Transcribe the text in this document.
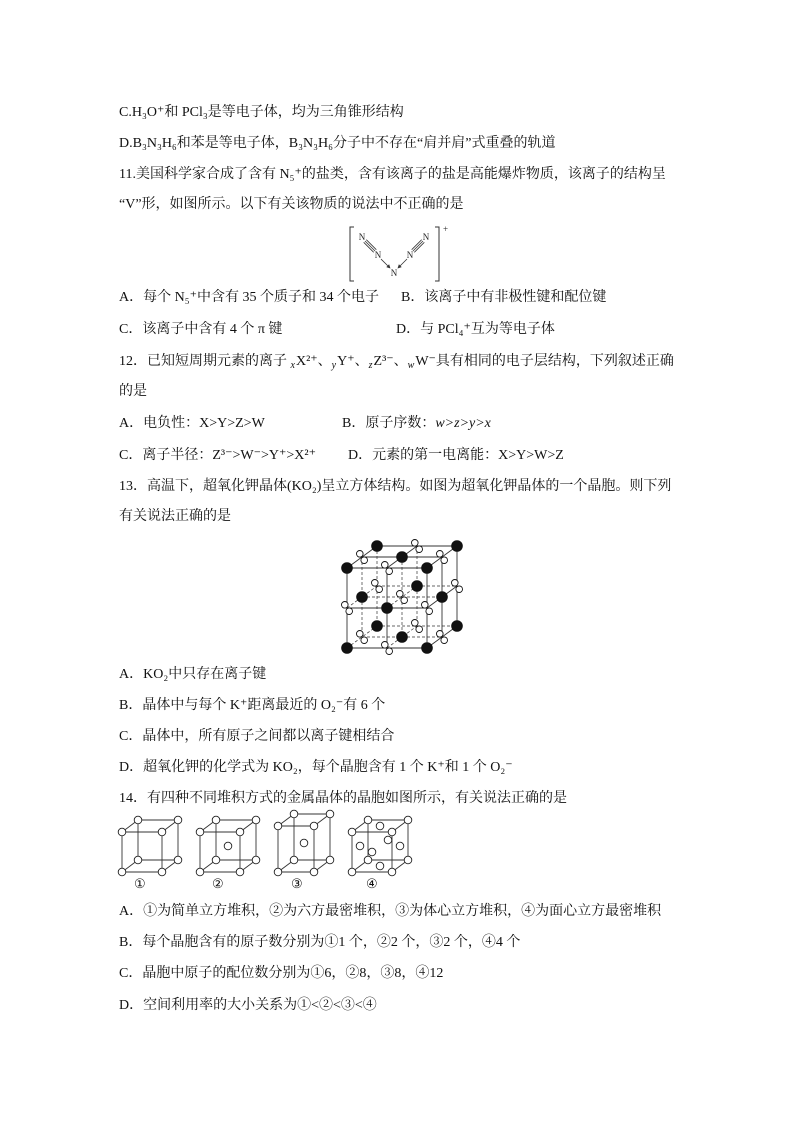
C.H₃O⁺和 PCl₃是等电子体，均为三角锥形结构
D.B₃N₃H₆和苯是等电子体，B₃N₃H₆分子中不存在“肩并肩”式重叠的轨道
11.美国科学家合成了含有 N₅⁺的盐类，含有该离子的盐是高能爆炸物质，该离子的结构呈
“V”形，如图所示。以下有关该物质的说法中不正确的是
+
N
N
N
N
N
A．每个 N₅⁺中含有 35 个质子和 34 个电子 B．该离子中有非极性键和配位键
C．该离子中含有 4 个 π 键	D．与 PCl₄⁺互为等电子体
12．已知短周期元素的离子 $_x$X²⁺、$_y$Y⁺、$_z$Z³⁻、$_w$W⁻具有相同的电子层结构，下列叙述正确
的是
A．电负性：X>Y>Z>W	B．原子序数：w>z>y>x
C．离子半径：Z³⁻>W⁻>Y⁺>X²⁺ D．元素的第一电离能：X>Y>W>Z
13．高温下，超氧化钾晶体(KO₂)呈立方体结构。如图为超氧化钾晶体的一个晶胞。则下列
有关说法正确的是
A．KO₂中只存在离子键
B．晶体中与每个 K⁺距离最近的 O₂⁻有 6 个
C．晶体中，所有原子之间都以离子键相结合
D．超氧化钾的化学式为 KO₂，每个晶胞含有 1 个 K⁺和 1 个 O₂⁻
14．有四种不同堆积方式的金属晶体的晶胞如图所示，有关说法正确的是
①	②	③	④
A．①为简单立方堆积，②为六方最密堆积，③为体心立方堆积，④为面心立方最密堆积
B．每个晶胞含有的原子数分别为①1 个，②2 个，③2 个，④4 个
C．晶胞中原子的配位数分别为①6，②8，③8，④12
D．空间利用率的大小关系为①<②<③<④
